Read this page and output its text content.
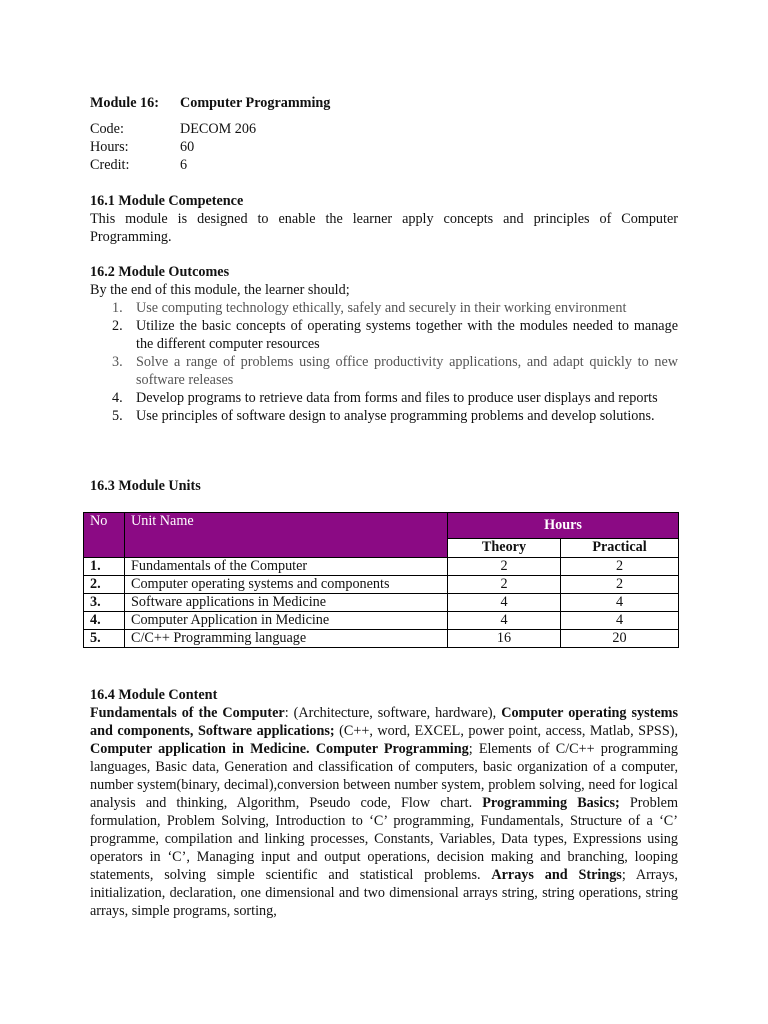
Module 16: Computer Programming
Code:	DECOM 206
Hours:	60
Credit:	6
16.1 Module Competence
This module is designed to enable the learner apply concepts and principles of Computer Programming.
16.2 Module Outcomes
By the end of this module, the learner should;
1. Use computing technology ethically, safely and securely in their working environment
2. Utilize the basic concepts of operating systems together with the modules needed to manage the different computer resources
3. Solve a range of problems using office productivity applications, and adapt quickly to new software releases
4. Develop programs to retrieve data from forms and files to produce user displays and reports
5. Use principles of software design to analyse programming problems and develop solutions.
16.3 Module Units
No	Unit Name	Hours	
		Theory	Practical
1.	Fundamentals of the Computer	2	2
2.	Computer operating systems and components	2	2
3.	Software applications in Medicine	4	4
4.	Computer Application in Medicine	4	4
5.	C/C++ Programming language	16	20
16.4 Module Content
Fundamentals of the Computer: (Architecture, software, hardware), Computer operating systems and components, Software applications; (C++, word, EXCEL, power point, access, Matlab, SPSS), Computer application in Medicine. Computer Programming; Elements of C/C++ programming languages, Basic data, Generation and classification of computers, basic organization of a computer, number system(binary, decimal),conversion between number system, problem solving, need for logical analysis and thinking, Algorithm, Pseudo code, Flow chart. Programming Basics; Problem formulation, Problem Solving, Introduction to ‘C’ programming, Fundamentals, Structure of a ‘C’ programme, compilation and linking processes, Constants, Variables, Data types, Expressions using operators in ‘C’, Managing input and output operations, decision making and branching, looping statements, solving simple scientific and statistical problems. Arrays and Strings; Arrays, initialization, declaration, one dimensional and two dimensional arrays string, string operations, string arrays, simple programs, sorting,
